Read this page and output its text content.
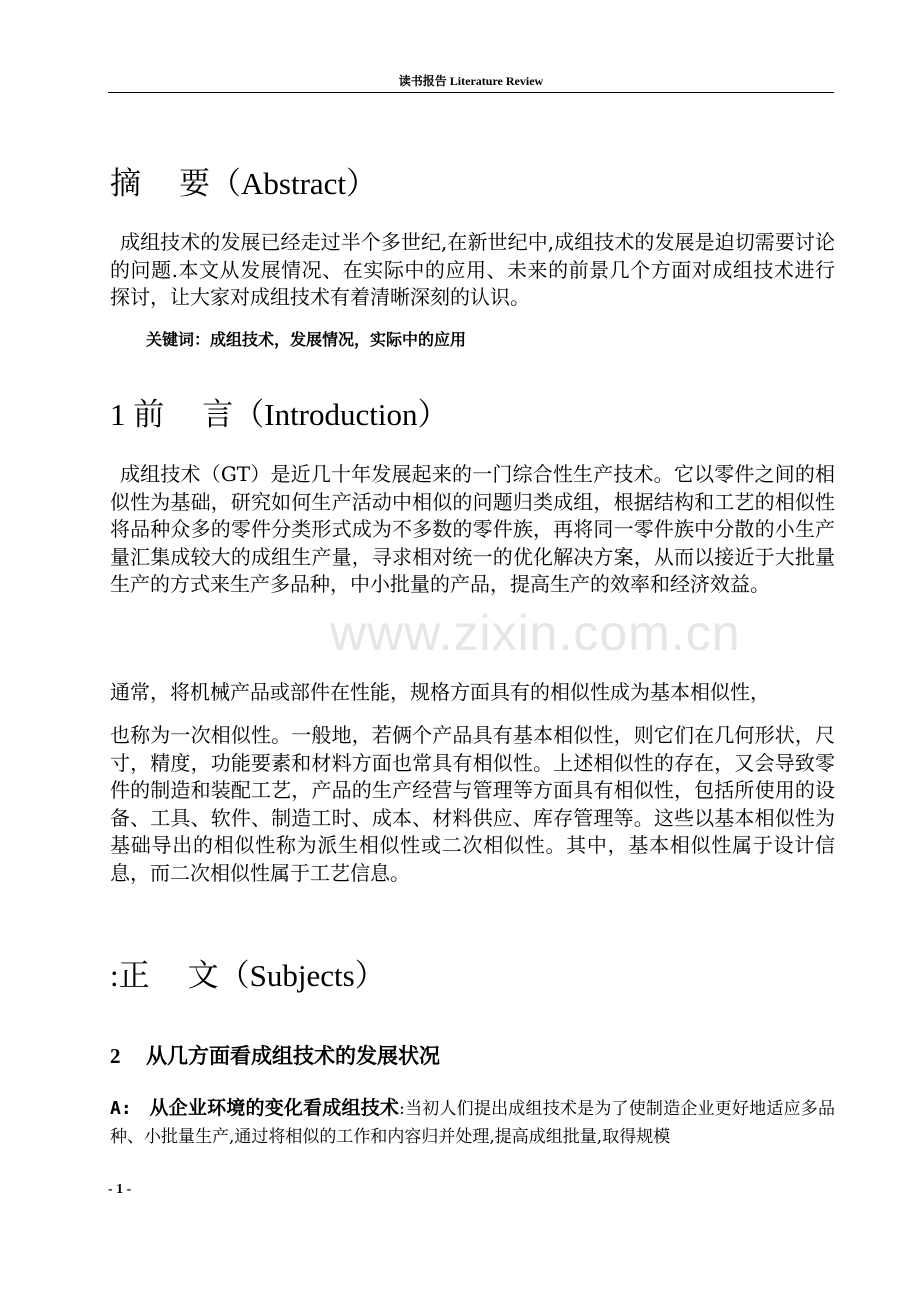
读书报告 Literature Review
www.zixin.com.cn
摘 要（Abstract）
成组技术的发展已经走过半个多世纪,在新世纪中,成组技术的发展是迫切需要讨论的问题.本文从发展情况、在实际中的应用、未来的前景几个方面对成组技术进行探讨，让大家对成组技术有着清晰深刻的认识。
关键词：成组技术，发展情况，实际中的应用
1 前 言（Introduction）
成组技术（GT）是近几十年发展起来的一门综合性生产技术。它以零件之间的相似性为基础，研究如何生产活动中相似的问题归类成组，根据结构和工艺的相似性将品种众多的零件分类形式成为不多数的零件族，再将同一零件族中分散的小生产量汇集成较大的成组生产量，寻求相对统一的优化解决方案，从而以接近于大批量生产的方式来生产多品种，中小批量的产品，提高生产的效率和经济效益。
通常，将机械产品或部件在性能，规格方面具有的相似性成为基本相似性，
也称为一次相似性。一般地，若俩个产品具有基本相似性，则它们在几何形状，尺寸，精度，功能要素和材料方面也常具有相似性。上述相似性的存在，又会导致零件的制造和装配工艺，产品的生产经营与管理等方面具有相似性，包括所使用的设备、工具、软件、制造工时、成本、材料供应、库存管理等。这些以基本相似性为基础导出的相似性称为派生相似性或二次相似性。其中，基本相似性属于设计信息，而二次相似性属于工艺信息。
:正 文（Subjects）
2 从几方面看成组技术的发展状况
A: 从企业环境的变化看成组技术:当初人们提出成组技术是为了使制造企业更好地适应多品种、小批量生产,通过将相似的工作和内容归并处理,提高成组批量,取得规模
- 1 -
